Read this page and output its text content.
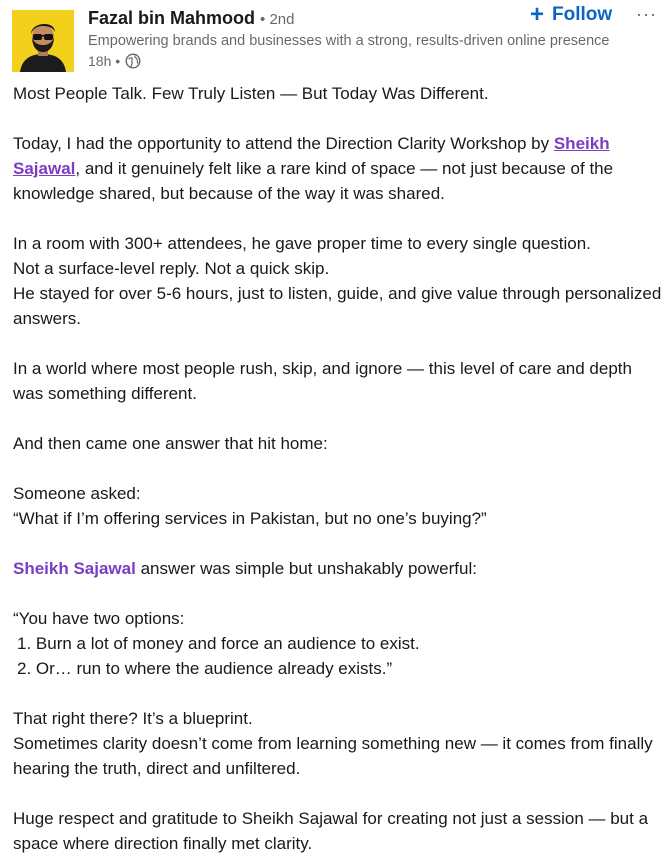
Fazal bin Mahmood • 2nd
Empowering brands and businesses with a strong, results-driven online presence
18h •
+ Follow ···

Most People Talk. Few Truly Listen — But Today Was Different.

Today, I had the opportunity to attend the Direction Clarity Workshop by Sheikh Sajawal, and it genuinely felt like a rare kind of space — not just because of the knowledge shared, but because of the way it was shared.

In a room with 300+ attendees, he gave proper time to every single question.

Not a surface-level reply. Not a quick skip.

He stayed for over 5-6 hours, just to listen, guide, and give value through personalized answers.

In a world where most people rush, skip, and ignore — this level of care and depth was something different.

And then came one answer that hit home:

Someone asked:

“What if I’m offering services in Pakistan, but no one’s buying?”

Sheikh Sajawal answer was simple but unshakably powerful:

“You have two options:

1. Burn a lot of money and force an audience to exist.

2. Or… run to where the audience already exists.”

That right there? It’s a blueprint.

Sometimes clarity doesn’t come from learning something new — it comes from finally hearing the truth, direct and unfiltered.

Huge respect and gratitude to Sheikh Sajawal for creating not just a session — but a space where direction finally met clarity.
